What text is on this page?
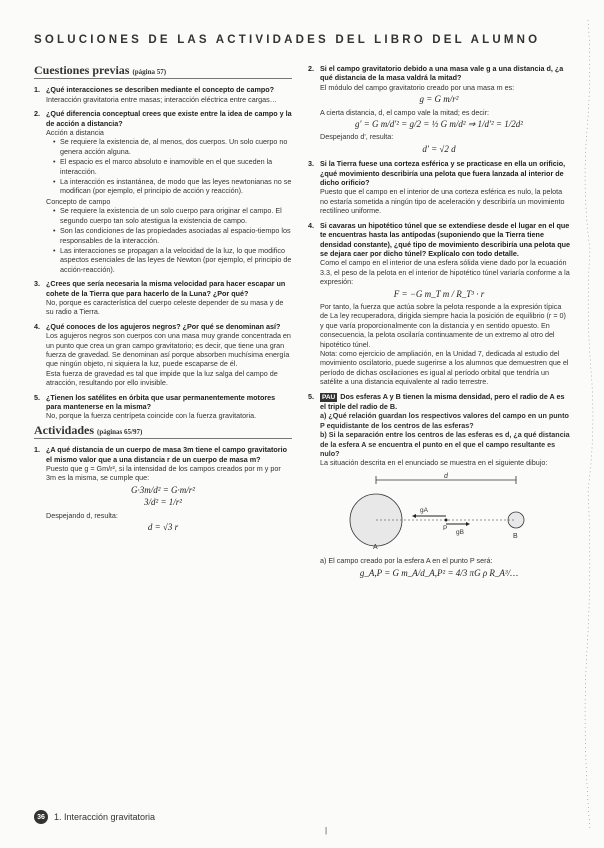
SOLUCIONES DE LAS ACTIVIDADES DEL LIBRO DEL ALUMNO
Cuestiones previas (página 57)
1. ¿Qué interacciones se describen mediante el concepto de campo?
Interacción gravitatoria entre masas; interacción eléctrica entre cargas…
2. ¿Qué diferencia conceptual crees que existe entre la idea de campo y la de acción a distancia?
Acción a distancia
• Se requiere la existencia de, al menos, dos cuerpos. Un solo cuerpo no genera acción alguna.
• El espacio es el marco absoluto e inamovible en el que suceden la interacción.
• La interacción es instantánea, de modo que las leyes newtonianas no se modifican (por ejemplo, el principio de acción y reacción).
Concepto de campo
• Se requiere la existencia de un solo cuerpo para originar el campo. El segundo cuerpo tan solo atestigua la existencia de campo.
• Son las condiciones de las propiedades asociadas al espacio-tiempo los responsables de la interacción.
• Las interacciones se propagan a la velocidad de la luz, lo que modifico aspectos esenciales de las leyes de Newton (por ejemplo, el principio de acción-reacción).
3. ¿Crees que sería necesaria la misma velocidad para hacer escapar un cohete de la Tierra que para hacerlo de la Luna? ¿Por qué?
No, porque es característica del cuerpo celeste depender de su masa y de su radio a Tierra.
4. ¿Qué conoces de los agujeros negros? ¿Por qué se denominan así?
Los agujeros negros son cuerpos con una masa muy grande concentrada en un punto que crea un gran campo gravitatorio; es decir, que tiene una gran fuerza de gravedad. Se denominan así porque absorben muchísima energía que ningún objeto, ni siquiera la luz, puede escaparse de él.
Esta fuerza de gravedad es tal que impide que la luz salga del campo de atracción, resultando por ello invisible.
5. ¿Tienen los satélites en órbita que usar permanentemente motores para mantenerse en la misma?
No, porque la fuerza centrípeta coincide con la fuerza gravitatoria.
Actividades (páginas 65/97)
1. ¿A qué distancia de un cuerpo de masa 3m tiene el campo gravitatorio el mismo valor que a una distancia r de un cuerpo de masa m?
Puesto que g = Gm/r², si la intensidad de los campos creados por m y por 3m es la misma, se cumple que:
G·3m/d² = G·m/r²
3/d² = 1/r²
Despejando d, resulta:
d = √3 r
2. Si el campo gravitatorio debido a una masa vale g a una distancia d, ¿a qué distancia de la masa valdrá la mitad?
El módulo del campo gravitatorio creado por una masa m es:
g = G m/r²
A cierta distancia, d, el campo vale la mitad; es decir:
g' = G m/d'² = g/2 = ½ G m/d² ⇒ 1/d'² = 1/2d²
Despejando d', resulta:
d' = √2 d
3. Si la Tierra fuese una corteza esférica y se practicase en ella un orificio, ¿qué movimiento describiría una pelota que fuera lanzada al interior de dicho orificio?
Puesto que el campo en el interior de una corteza esférica es nulo, la pelota no estaría sometida a ningún tipo de aceleración y describiría un movimiento rectilíneo uniforme.
4. Si cavaras un hipotético túnel que se extendiese desde el lugar en el que te encuentras hasta las antípodas (suponiendo que la Tierra tiene densidad constante), ¿qué tipo de movimiento describiría una pelota que se dejara caer por dicho túnel? Explícalo con todo detalle.
Como el campo en el interior de una esfera sólida viene dado por la ecuación 3.3, el peso de la pelota en el interior de hipotético túnel variaría conforme a la expresión:
F = −G m_T m / R_T³ · r
Por tanto, la fuerza que actúa sobre la pelota responde a la expresión típica de La ley recuperadora, dirigida siempre hacia la posición de equilibrio (r = 0) y que varía proporcionalmente con la distancia y en sentido opuesto. En consecuencia, la pelota oscilaría continuamente de un extremo al otro del hipotético túnel.
Nota: como ejercicio de ampliación, en la Unidad 7, dedicada al estudio del movimiento oscilatorio, puede sugerirse a los alumnos que demuestren que el período de dichas oscilaciones es igual al período orbital que tendría un satélite a una distancia equivalente al radio terrestre.
5.	PAU Dos esferas A y B tienen la misma densidad, pero el radio de A es el triple del radio de B.
a) ¿Qué relación guardan los respectivos valores del campo en un punto P equidistante de los centros de las esferas?
b) Si la separación entre los centros de las esferas es d, ¿a qué distancia de la esfera A se encuentra el punto en el que el campo resultante es nulo?
La situación descrita en el enunciado se muestra en el siguiente dibujo:
d
gA
gB
P
A
B
a) El campo creado por la esfera A en el punto P será:
g_A,P = G m_A/d_A,P² = 4/3 πG ρ R_A³/…
36	1. Interacción gravitatoria
|
